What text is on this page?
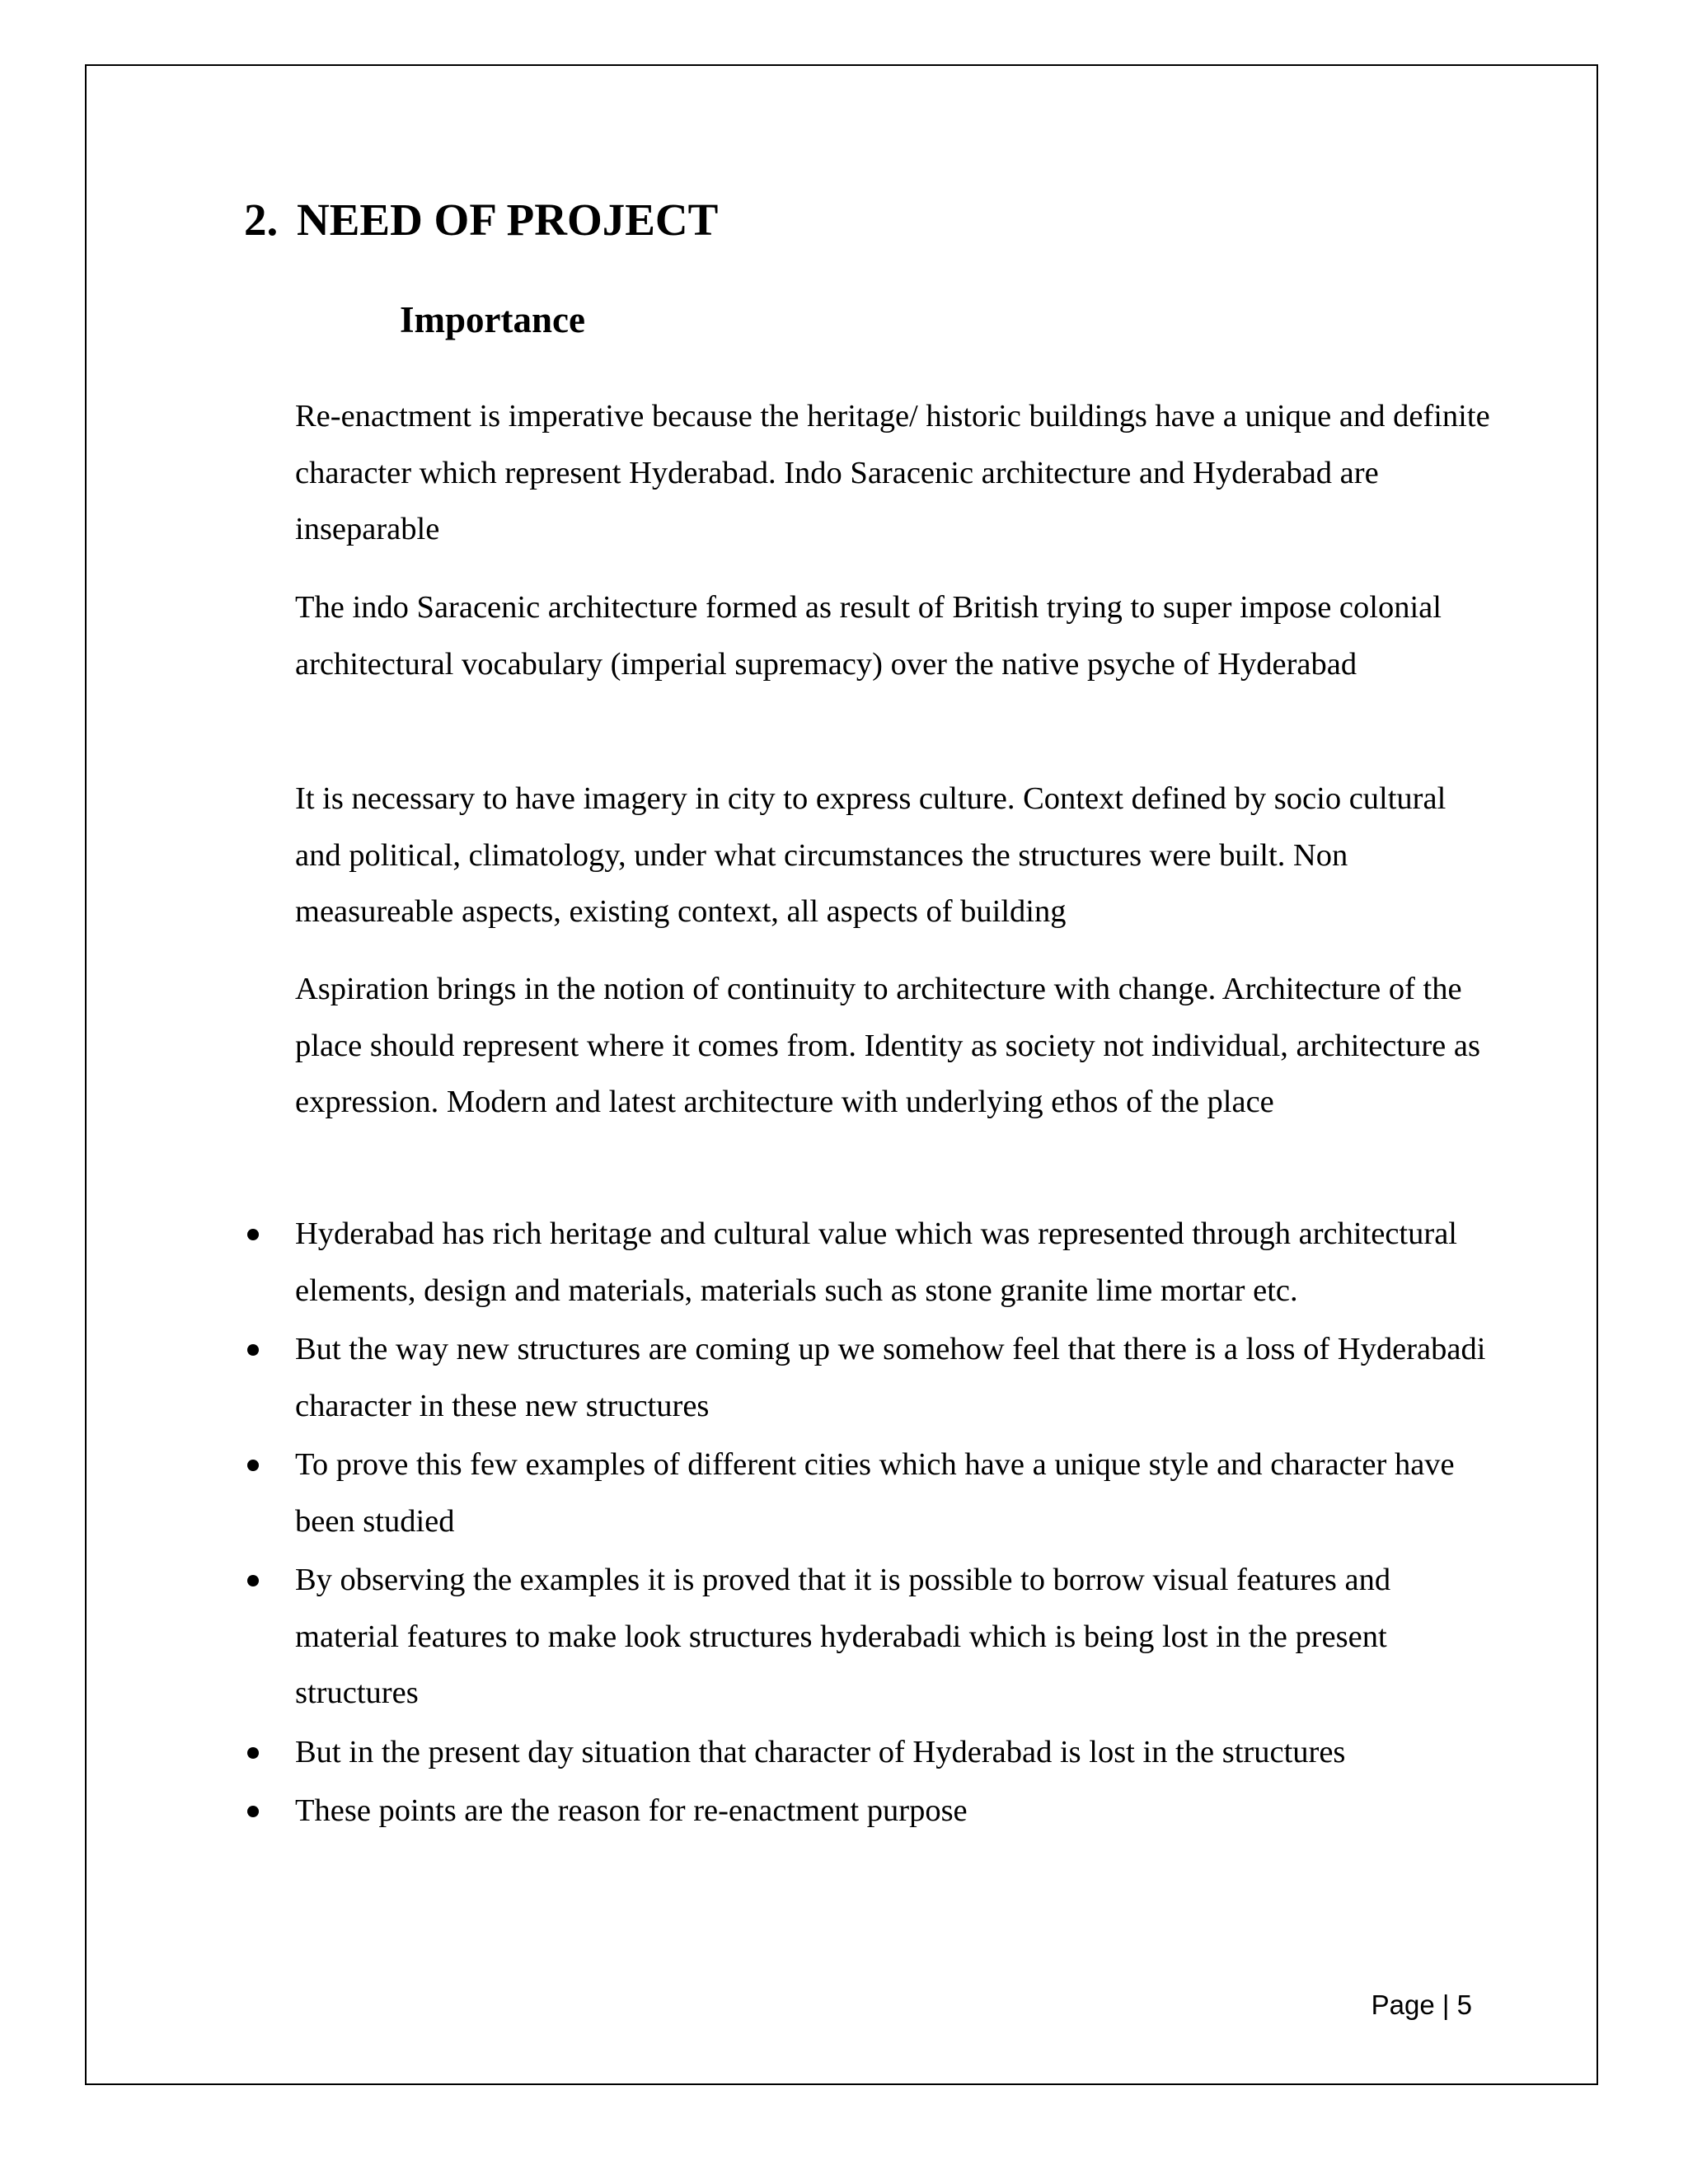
2. NEED OF PROJECT
Importance

Re-enactment is imperative because the heritage/ historic buildings have a unique and definite character which represent Hyderabad. Indo Saracenic architecture and Hyderabad are inseparable

The indo Saracenic architecture formed as result of British trying to super impose colonial architectural vocabulary (imperial supremacy) over the native psyche of Hyderabad

It is necessary to have imagery in city to express culture. Context defined by socio cultural and political, climatology, under what circumstances the structures were built. Non measureable aspects, existing context, all aspects of building

Aspiration brings in the notion of continuity to architecture with change. Architecture of the place should represent where it comes from. Identity as society not individual, architecture as expression. Modern and latest architecture with underlying ethos of the place

Hyderabad has rich heritage and cultural value which was represented through architectural elements, design and materials, materials such as stone granite lime mortar etc.
But the way new structures are coming up we somehow feel that there is a loss of Hyderabadi character in these new structures
To prove this few examples of different cities which have a unique style and character have been studied
By observing the examples it is proved that it is possible to borrow visual features and material features to make look structures hyderabadi which is being lost in the present structures
But in the present day situation that character of Hyderabad is lost in the structures
These points are the reason for re-enactment purpose
Page | 5
